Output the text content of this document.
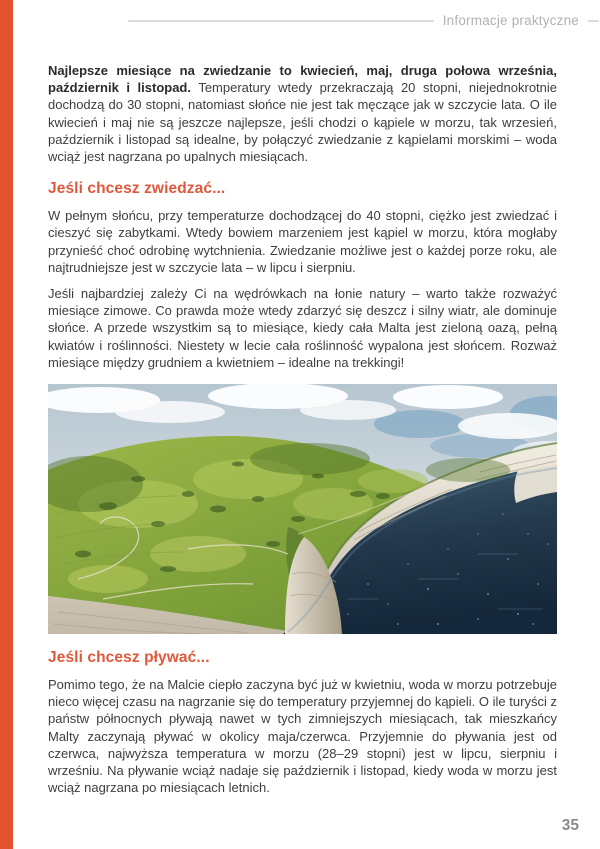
Informacje praktyczne

Najlepsze miesiące na zwiedzanie to kwiecień, maj, druga połowa września, październik i listopad. Temperatury wtedy przekraczają 20 stopni, niejednokrotnie dochodzą do 30 stopni, natomiast słońce nie jest tak męczące jak w szczycie lata. O ile kwiecień i maj nie są jeszcze najlepsze, jeśli chodzi o kąpiele w morzu, tak wrzesień, październik i listopad są idealne, by połączyć zwiedzanie z kąpielami morskimi – woda wciąż jest nagrzana po upalnych miesiącach.

Jeśli chcesz zwiedzać...

W pełnym słońcu, przy temperaturze dochodzącej do 40 stopni, ciężko jest zwiedzać i cieszyć się zabytkami. Wtedy bowiem marzeniem jest kąpiel w morzu, która mogłaby przynieść choć odrobinę wytchnienia. Zwiedzanie możliwe jest o każdej porze roku, ale najtrudniejsze jest w szczycie lata – w lipcu i sierpniu.

Jeśli najbardziej zależy Ci na wędrówkach na łonie natury – warto także rozważyć miesiące zimowe. Co prawda może wtedy zdarzyć się deszcz i silny wiatr, ale dominuje słońce. A przede wszystkim są to miesiące, kiedy cała Malta jest zieloną oazą, pełną kwiatów i roślinności. Niestety w lecie cała roślinność wypalona jest słońcem. Rozważ miesiące między grudniem a kwietniem – idealne na trekkingi!

Jeśli chcesz pływać...

Pomimo tego, że na Malcie ciepło zaczyna być już w kwietniu, woda w morzu potrzebuje nieco więcej czasu na nagrzanie się do temperatury przyjemnej do kąpieli. O ile turyści z państw północnych pływają nawet w tych zimniejszych miesiącach, tak mieszkańcy Malty zaczynają pływać w okolicy maja/czerwca. Przyjemnie do pływania jest od czerwca, najwyższa temperatura w morzu (28–29 stopni) jest w lipcu, sierpniu i wrześniu. Na pływanie wciąż nadaje się październik i listopad, kiedy woda w morzu jest wciąż nagrzana po miesiącach letnich.

35
